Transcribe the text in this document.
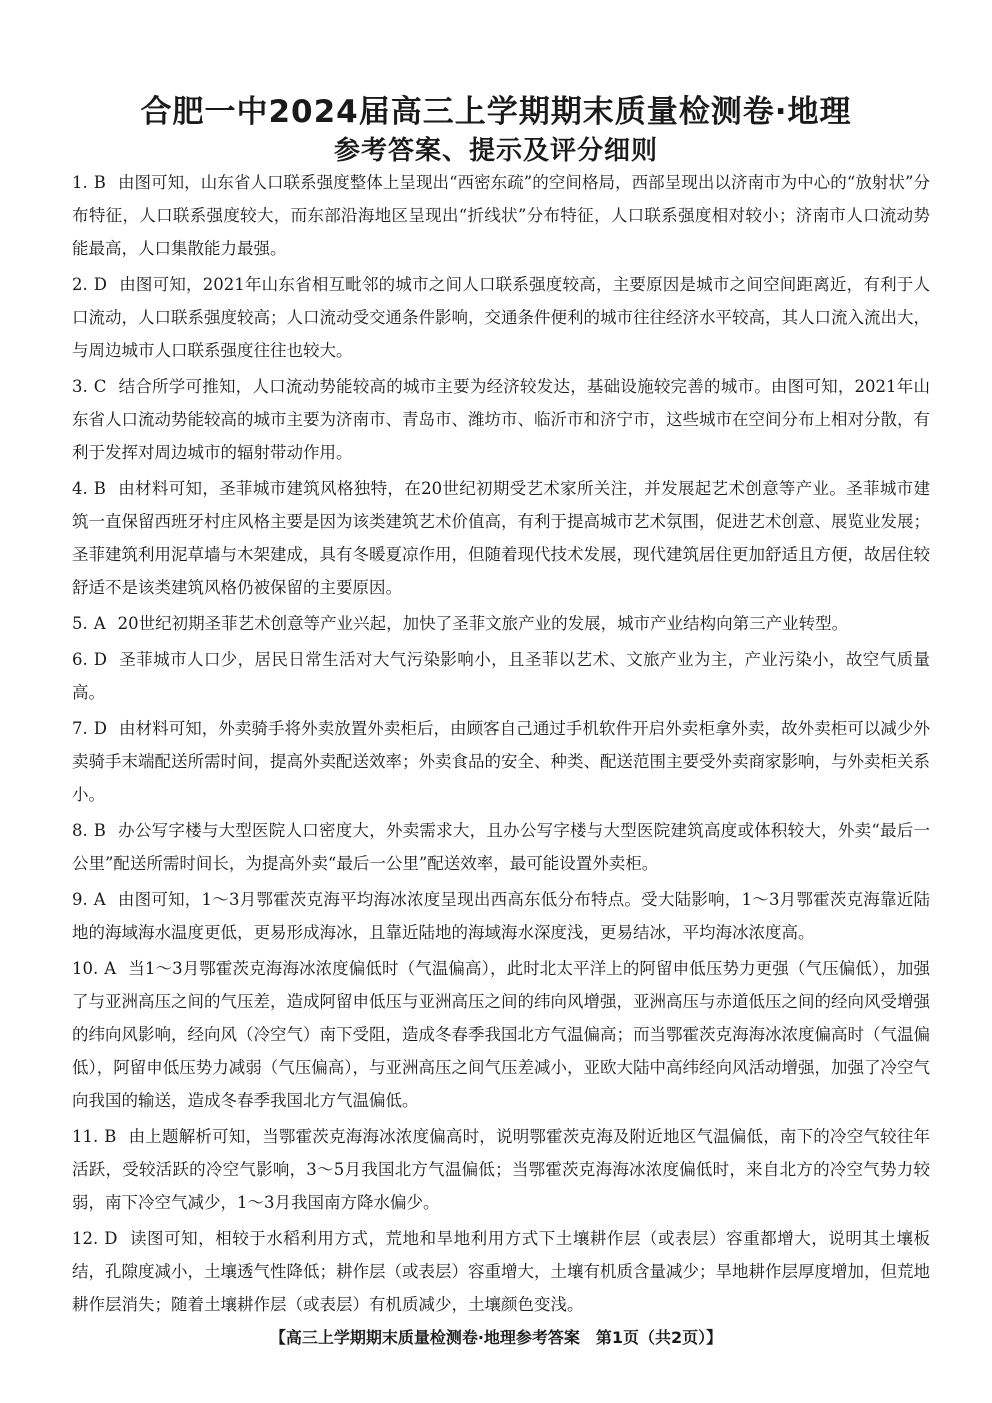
合肥一中2024届高三上学期期末质量检测卷·地理
参考答案、提示及评分细则

1. B 由图可知，山东省人口联系强度整体上呈现出“西密东疏”的空间格局，西部呈现出以济南市为中心的“放射状”分布特征，人口联系强度较大，而东部沿海地区呈现出“折线状”分布特征，人口联系强度相对较小；济南市人口流动势能最高，人口集散能力最强。

2. D 由图可知，2021年山东省相互毗邻的城市之间人口联系强度较高，主要原因是城市之间空间距离近，有利于人口流动，人口联系强度较高；人口流动受交通条件影响，交通条件便利的城市往往经济水平较高，其人口流入流出大，与周边城市人口联系强度往往也较大。

3. C 结合所学可推知，人口流动势能较高的城市主要为经济较发达，基础设施较完善的城市。由图可知，2021年山东省人口流动势能较高的城市主要为济南市、青岛市、潍坊市、临沂市和济宁市，这些城市在空间分布上相对分散，有利于发挥对周边城市的辐射带动作用。

4. B 由材料可知，圣菲城市建筑风格独特，在20世纪初期受艺术家所关注，并发展起艺术创意等产业。圣菲城市建筑一直保留西班牙村庄风格主要是因为该类建筑艺术价值高，有利于提高城市艺术氛围，促进艺术创意、展览业发展；圣菲建筑利用泥草墙与木架建成，具有冬暖夏凉作用，但随着现代技术发展，现代建筑居住更加舒适且方便，故居住较舒适不是该类建筑风格仍被保留的主要原因。

5. A 20世纪初期圣菲艺术创意等产业兴起，加快了圣菲文旅产业的发展，城市产业结构向第三产业转型。

6. D 圣菲城市人口少，居民日常生活对大气污染影响小，且圣菲以艺术、文旅产业为主，产业污染小，故空气质量高。

7. D 由材料可知，外卖骑手将外卖放置外卖柜后，由顾客自己通过手机软件开启外卖柜拿外卖，故外卖柜可以减少外卖骑手末端配送所需时间，提高外卖配送效率；外卖食品的安全、种类、配送范围主要受外卖商家影响，与外卖柜关系小。

8. B 办公写字楼与大型医院人口密度大，外卖需求大，且办公写字楼与大型医院建筑高度或体积较大，外卖“最后一公里”配送所需时间长，为提高外卖“最后一公里”配送效率，最可能设置外卖柜。

9. A 由图可知，1～3月鄂霍茨克海平均海冰浓度呈现出西高东低分布特点。受大陆影响，1～3月鄂霍茨克海靠近陆地的海域海水温度更低，更易形成海冰，且靠近陆地的海域海水深度浅，更易结冰，平均海冰浓度高。

10. A 当1～3月鄂霍茨克海海冰浓度偏低时（气温偏高），此时北太平洋上的阿留申低压势力更强（气压偏低），加强了与亚洲高压之间的气压差，造成阿留申低压与亚洲高压之间的纬向风增强，亚洲高压与赤道低压之间的经向风受增强的纬向风影响，经向风（冷空气）南下受阻，造成冬春季我国北方气温偏高；而当鄂霍茨克海海冰浓度偏高时（气温偏低），阿留申低压势力减弱（气压偏高），与亚洲高压之间气压差减小，亚欧大陆中高纬经向风活动增强，加强了冷空气向我国的输送，造成冬春季我国北方气温偏低。

11. B 由上题解析可知，当鄂霍茨克海海冰浓度偏高时，说明鄂霍茨克海及附近地区气温偏低，南下的冷空气较往年活跃，受较活跃的冷空气影响，3～5月我国北方气温偏低；当鄂霍茨克海海冰浓度偏低时，来自北方的冷空气势力较弱，南下冷空气减少，1～3月我国南方降水偏少。

12. D 读图可知，相较于水稻利用方式，荒地和旱地利用方式下土壤耕作层（或表层）容重都增大，说明其土壤板结，孔隙度减小，土壤透气性降低；耕作层（或表层）容重增大，土壤有机质含量减少；旱地耕作层厚度增加，但荒地耕作层消失；随着土壤耕作层（或表层）有机质减少，土壤颜色变浅。

【高三上学期期末质量检测卷·地理参考答案　第1页（共2页）】
